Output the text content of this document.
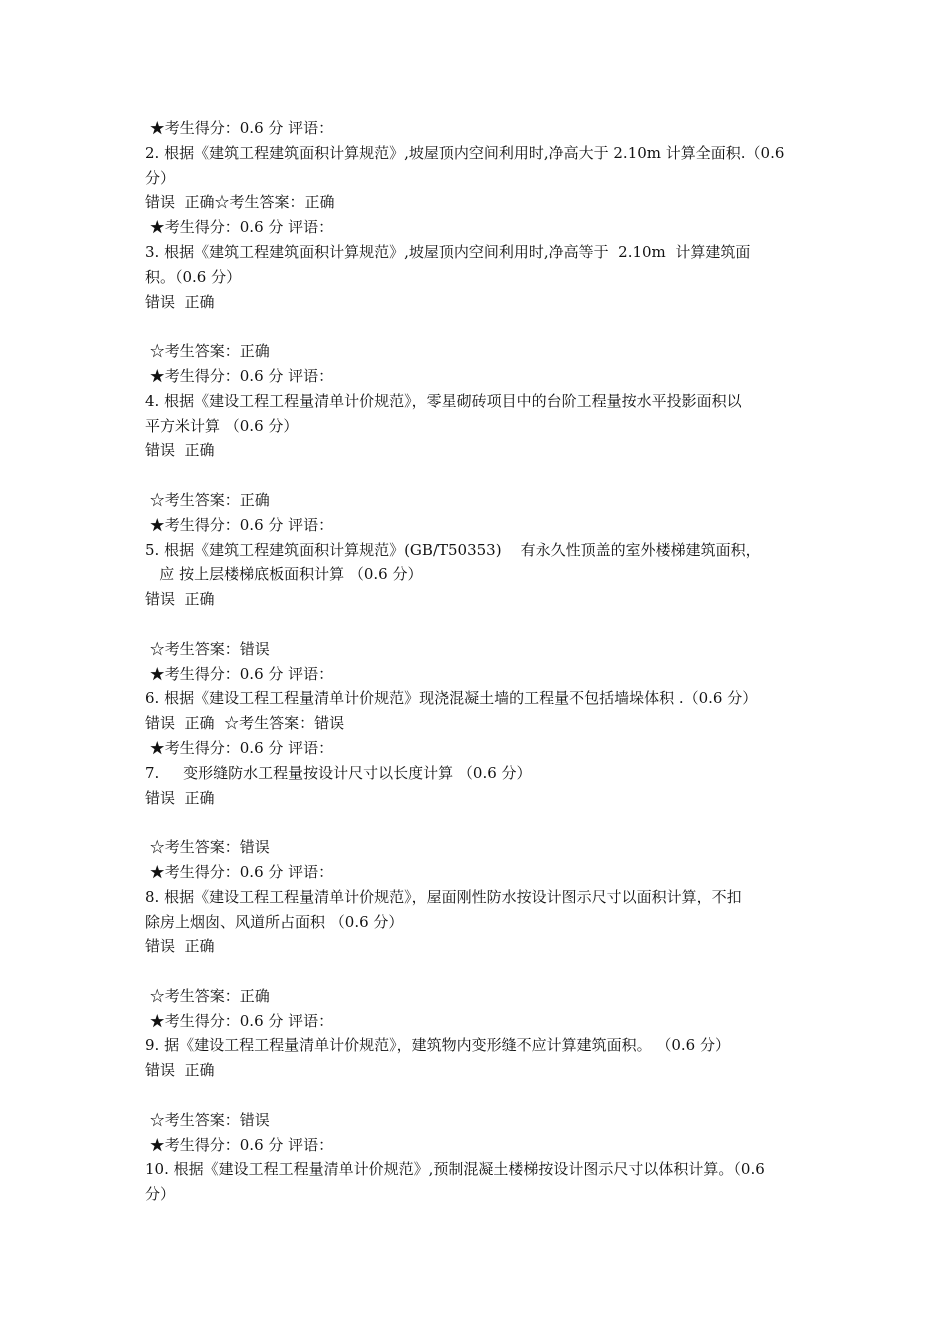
★考生得分：0.6 分 评语：
2. 根据《建筑工程建筑面积计算规范》,坡屋顶内空间利用时,净高大于 2.10m 计算全面积.（0.6
分）
错误  正确☆考生答案：正确
★考生得分：0.6 分 评语：
3. 根据《建筑工程建筑面积计算规范》,坡屋顶内空间利用时,净高等于  2.10m  计算建筑面
积。（0.6 分）
错误  正确
☆考生答案：正确
★考生得分：0.6 分 评语：
4. 根据《建设工程工程量清单计价规范》，零星砌砖项目中的台阶工程量按水平投影面积以
平方米计算 （0.6 分）
错误  正确
☆考生答案：正确
★考生得分：0.6 分 评语：
5. 根据《建筑工程建筑面积计算规范》(GB/T50353)    有永久性顶盖的室外楼梯建筑面积，
应 按上层楼梯底板面积计算 （0.6 分）
错误  正确
☆考生答案：错误
★考生得分：0.6 分 评语：
6. 根据《建设工程工程量清单计价规范》现浇混凝土墙的工程量不包括墙垛体积 .（0.6 分）
错误  正确  ☆考生答案：错误
★考生得分：0.6 分 评语：
7.     变形缝防水工程量按设计尺寸以长度计算 （0.6 分）
错误  正确
☆考生答案：错误
★考生得分：0.6 分 评语：
8. 根据《建设工程工程量清单计价规范》，屋面刚性防水按设计图示尺寸以面积计算，不扣
除房上烟囱、风道所占面积 （0.6 分）
错误  正确
☆考生答案：正确
★考生得分：0.6 分 评语：
9. 据《建设工程工程量清单计价规范》，建筑物内变形缝不应计算建筑面积。 （0.6 分）
错误  正确
☆考生答案：错误
★考生得分：0.6 分 评语：
10. 根据《建设工程工程量清单计价规范》,预制混凝土楼梯按设计图示尺寸以体积计算。（0.6
分）
